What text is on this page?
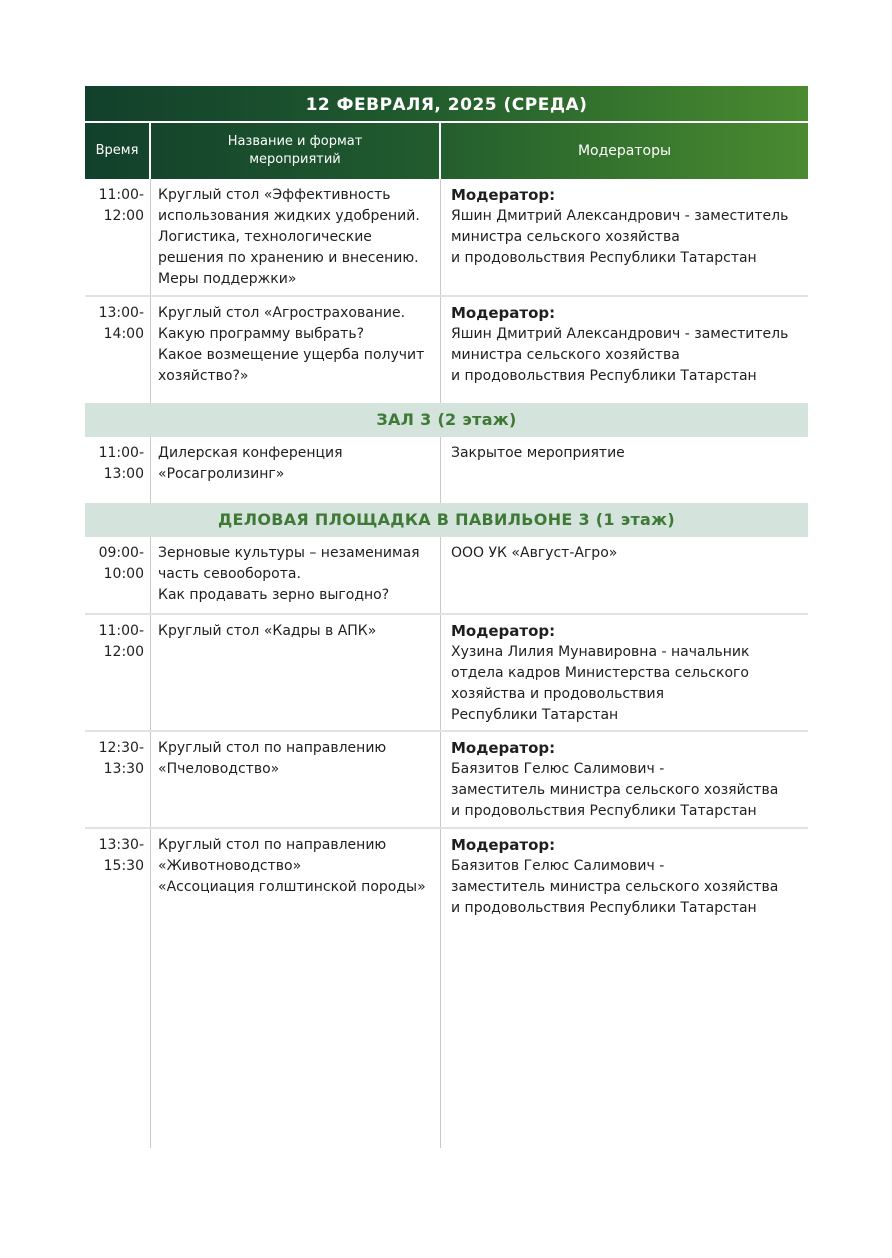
12 ФЕВРАЛЯ, 2025 (СРЕДА)
Время
Название и формат
мероприятий
Модераторы
11:00-
12:00
Круглый стол «Эффективность использования жидких удобрений. Логистика, технологические решения по хранению и внесению. Меры поддержки»
Модератор:
Яшин Дмитрий Александрович - заместитель министра сельского хозяйства
и продовольствия Республики Татарстан
13:00-
14:00
Круглый стол «Агрострахование.
Какую программу выбрать?
Какое возмещение ущерба получит хозяйство?»
Модератор:
Яшин Дмитрий Александрович - заместитель министра сельского хозяйства
и продовольствия Республики Татарстан
ЗАЛ 3 (2 этаж)
11:00-
13:00
Дилерская конференция
«Росагролизинг»
Закрытое мероприятие
ДЕЛОВАЯ ПЛОЩАДКА В ПАВИЛЬОНЕ 3 (1 этаж)
09:00-
10:00
Зерновые культуры – незаменимая часть севооборота.
Как продавать зерно выгодно?
ООО УК «Август-Агро»
11:00-
12:00
Круглый стол «Кадры в АПК»	Модератор:
Хузина Лилия Мунавировна - начальник отдела кадров Министерства сельского хозяйства и продовольствия
Республики Татарстан
12:30-
13:30
Круглый стол по направлению «Пчеловодство»
Модератор:
Баязитов Гелюс Салимович -
заместитель министра сельского хозяйства
и продовольствия Республики Татарстан
13:30-
15:30
Круглый стол по направлению
«Животноводство»
«Ассоциация голштинской породы»
Модератор:
Баязитов Гелюс Салимович -
заместитель министра сельского хозяйства
и продовольствия Республики Татарстан
